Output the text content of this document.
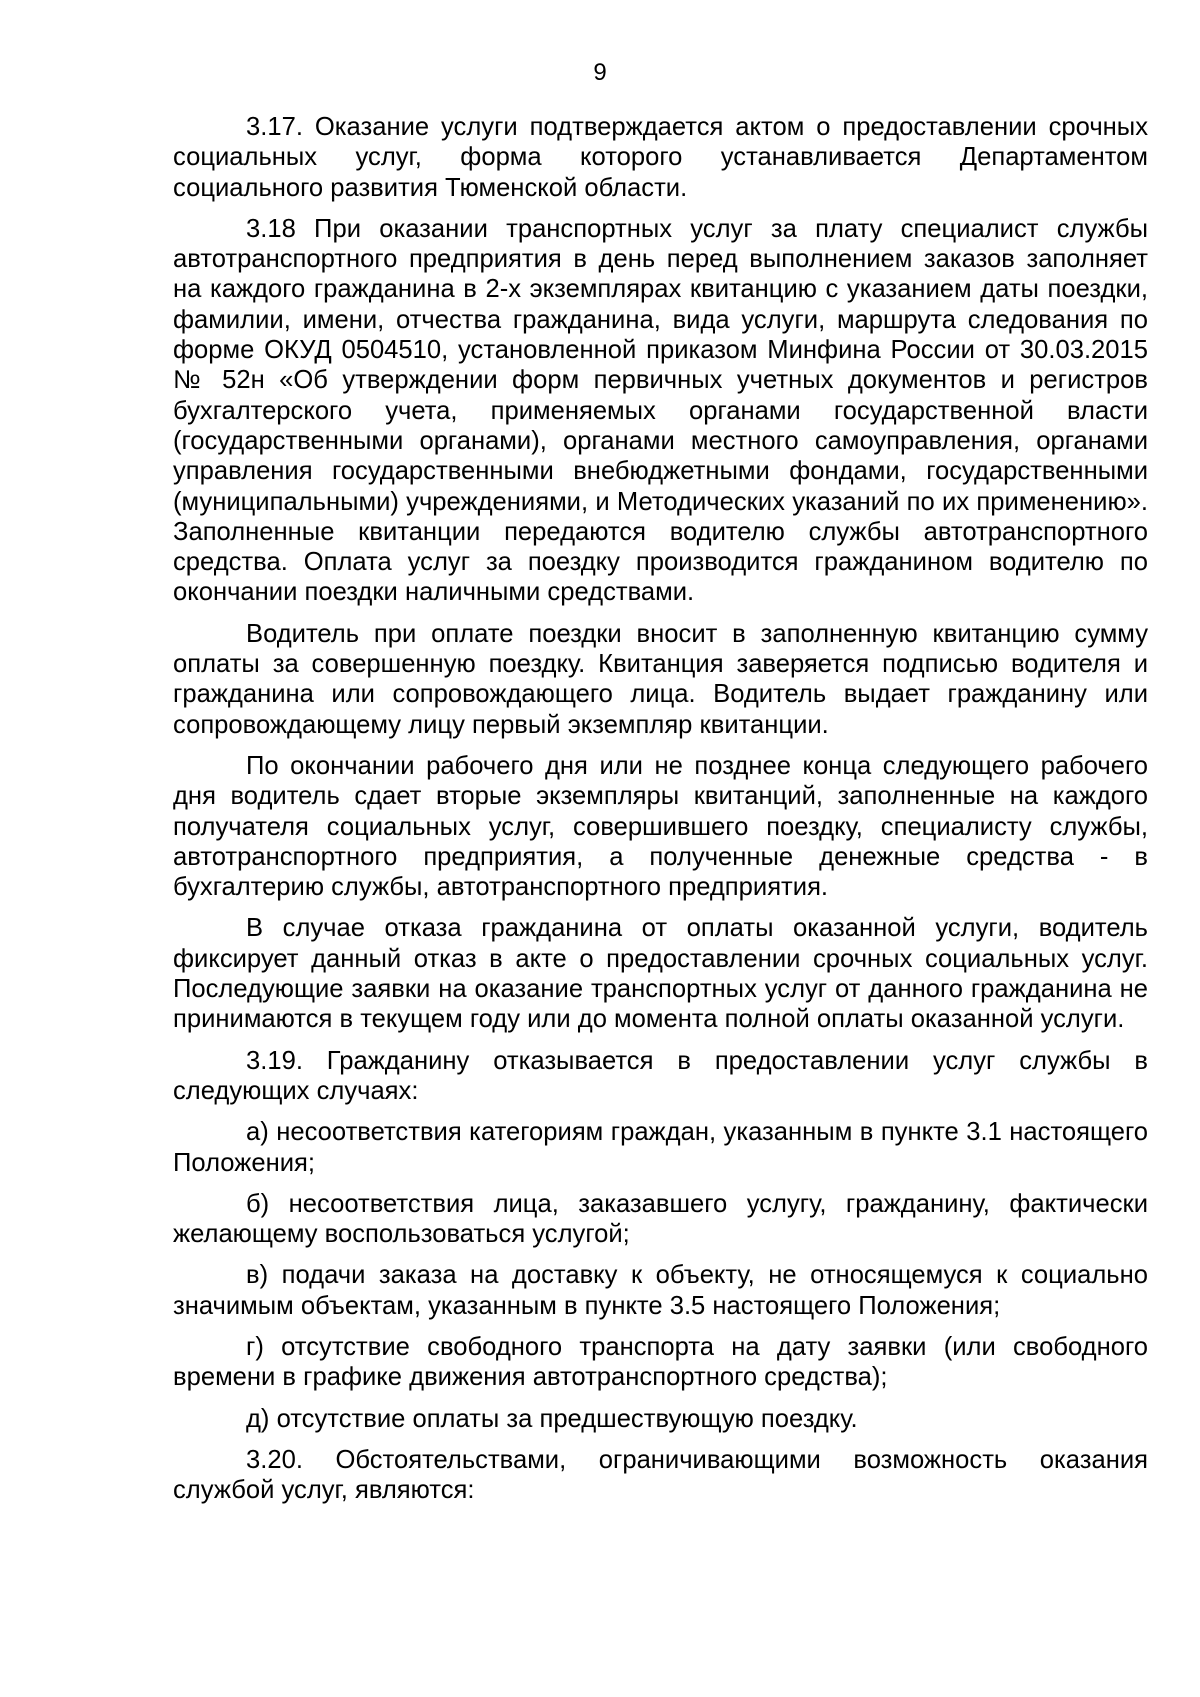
9

3.17. Оказание услуги подтверждается актом о предоставлении срочных социальных услуг, форма которого устанавливается Департаментом социального развития Тюменской области.

3.18 При оказании транспортных услуг за плату специалист службы автотранспортного предприятия в день перед выполнением заказов заполняет на каждого гражданина в 2-х экземплярах квитанцию с указанием даты поездки, фамилии, имени, отчества гражданина, вида услуги, маршрута следования по форме ОКУД 0504510, установленной приказом Минфина России от 30.03.2015 № 52н «Об утверждении форм первичных учетных документов и регистров бухгалтерского учета, применяемых органами государственной власти (государственными органами), органами местного самоуправления, органами управления государственными внебюджетными фондами, государственными (муниципальными) учреждениями, и Методических указаний по их применению». Заполненные квитанции передаются водителю службы автотранспортного средства. Оплата услуг за поездку производится гражданином водителю по окончании поездки наличными средствами.

Водитель при оплате поездки вносит в заполненную квитанцию сумму оплаты за совершенную поездку. Квитанция заверяется подписью водителя и гражданина или сопровождающего лица. Водитель выдает гражданину или сопровождающему лицу первый экземпляр квитанции.

По окончании рабочего дня или не позднее конца следующего рабочего дня водитель сдает вторые экземпляры квитанций, заполненные на каждого получателя социальных услуг, совершившего поездку, специалисту службы, автотранспортного предприятия, а полученные денежные средства - в бухгалтерию службы, автотранспортного предприятия.

В случае отказа гражданина от оплаты оказанной услуги, водитель фиксирует данный отказ в акте о предоставлении срочных социальных услуг. Последующие заявки на оказание транспортных услуг от данного гражданина не принимаются в текущем году или до момента полной оплаты оказанной услуги.

3.19. Гражданину отказывается в предоставлении услуг службы в следующих случаях:

а) несоответствия категориям граждан, указанным в пункте 3.1 настоящего Положения;

б) несоответствия лица, заказавшего услугу, гражданину, фактически желающему воспользоваться услугой;

в) подачи заказа на доставку к объекту, не относящемуся к социально значимым объектам, указанным в пункте 3.5 настоящего Положения;

г) отсутствие свободного транспорта на дату заявки (или свободного времени в графике движения автотранспортного средства);

д) отсутствие оплаты за предшествующую поездку.

3.20. Обстоятельствами, ограничивающими возможность оказания службой услуг, являются:
